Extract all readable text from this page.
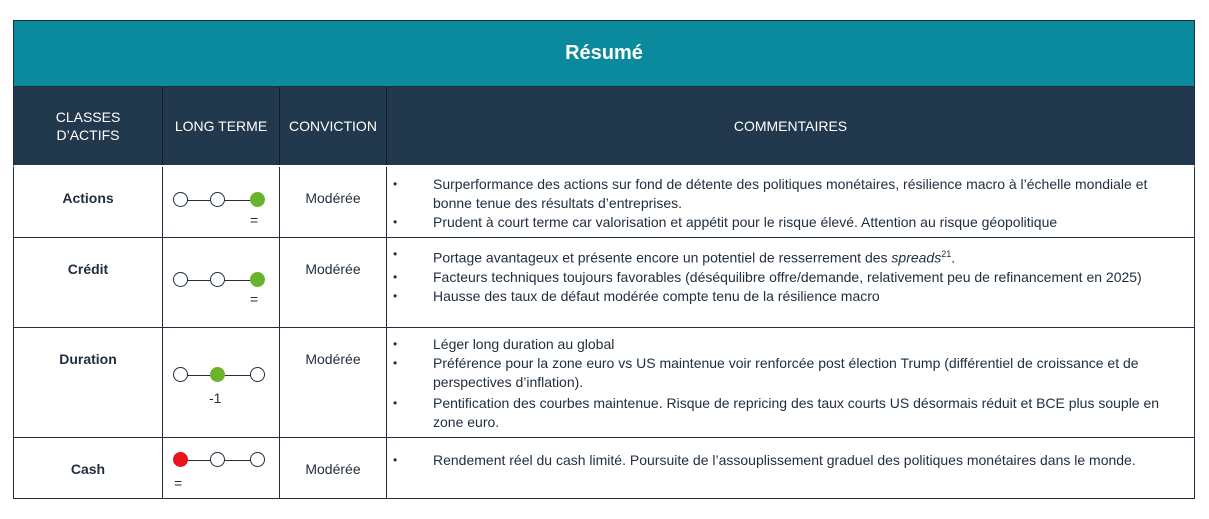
Résumé
CLASSES
D’ACTIFS
LONG TERME	CONVICTION	COMMENTAIRES
Actions
=
Modérée
• Surperformance des actions sur fond de détente des politiques monétaires, résilience macro à l’échelle mondiale et bonne tenue des résultats d’entreprises.
• Prudent à court terme car valorisation et appétit pour le risque élevé. Attention au risque géopolitique
Crédit
=
Modérée
• Portage avantageux et présente encore un potentiel de resserrement des spreads$^{21}$.
• Facteurs techniques toujours favorables (déséquilibre offre/demande, relativement peu de refinancement en 2025)
• Hausse des taux de défaut modérée compte tenu de la résilience macro
Duration
-1
Modérée
• Léger long duration au global
• Préférence pour la zone euro vs US maintenue voir renforcée post élection Trump (différentiel de croissance et de perspectives d’inflation).
• Pentification des courbes maintenue. Risque de repricing des taux courts US désormais réduit et BCE plus souple en zone euro.
Cash
=
Modérée
• Rendement réel du cash limité. Poursuite de l’assouplissement graduel des politiques monétaires dans le monde.
